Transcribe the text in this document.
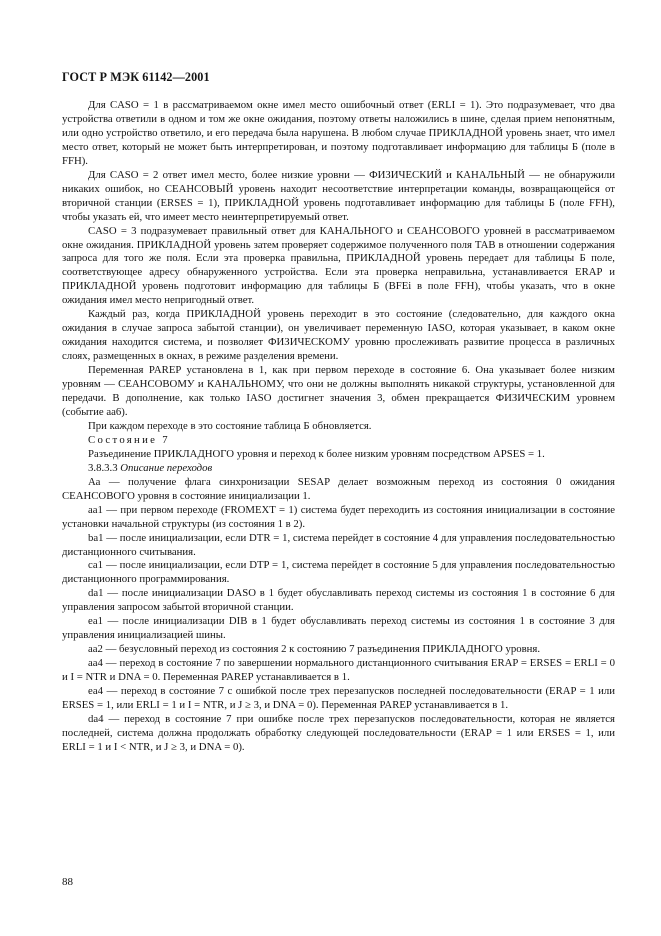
ГОСТ Р МЭК 61142—2001

Для CASO = 1 в рассматриваемом окне имел место ошибочный ответ (ERLI = 1). Это подразумевает, что два устройства ответили в одном и том же окне ожидания, поэтому ответы наложились в шине, сделая прием непонятным, или одно устройство ответило, и его передача была нарушена. В любом случае ПРИКЛАДНОЙ уровень знает, что имел место ответ, который не может быть интерпретирован, и поэтому подготавливает информацию для таблицы Б (поле в FFH).

Для CASO = 2 ответ имел место, более низкие уровни — ФИЗИЧЕСКИЙ и КАНАЛЬНЫЙ — не обнаружили никаких ошибок, но СЕАНСОВЫЙ уровень находит несоответствие интерпретации команды, возвращающейся от вторичной станции (ERSES = 1), ПРИКЛАДНОЙ уровень подготавливает информацию для таблицы Б (поле FFH), чтобы указать ей, что имеет место неинтерпретируемый ответ.

CASO = 3 подразумевает правильный ответ для КАНАЛЬНОГО и СЕАНСОВОГО уровней в рассматриваемом окне ожидания. ПРИКЛАДНОЙ уровень затем проверяет содержимое полученного поля TAB в отношении содержания запроса для того же поля. Если эта проверка правильна, ПРИКЛАДНОЙ уровень передает для таблицы Б поле, соответствующее адресу обнаруженного устройства. Если эта проверка неправильна, устанавливается ERAP и ПРИКЛАДНОЙ уровень подготовит информацию для таблицы Б (BFEi в поле FFH), чтобы указать, что в окне ожидания имел место непригодный ответ.

Каждый раз, когда ПРИКЛАДНОЙ уровень переходит в это состояние (следовательно, для каждого окна ожидания в случае запроса забытой станции), он увеличивает переменную IASO, которая указывает, в каком окне ожидания находится система, и позволяет ФИЗИЧЕСКОМУ уровню прослеживать развитие процесса в различных слоях, размещенных в окнах, в режиме разделения времени.

Переменная PAREP установлена в 1, как при первом переходе в состояние 6. Она указывает более низким уровням — СЕАНСОВОМУ и КАНАЛЬНОМУ, что они не должны выполнять никакой структуры, установленной для передачи. В дополнение, как только IASO достигнет значения 3, обмен прекращается ФИЗИЧЕСКИМ уровнем (событие аа6).

При каждом переходе в это состояние таблица Б обновляется.

Состояние 7

Разъединение ПРИКЛАДНОГО уровня и переход к более низким уровням посредством APSES = 1.

3.8.3.3 Описание переходов

Аа — получение флага синхронизации SESAP делает возможным переход из состояния 0 ожидания СЕАНСОВОГО уровня в состояние инициализации 1.

аа1 — при первом переходе (FROMEXT = 1) система будет переходить из состояния инициализации в состояние установки начальной структуры (из состояния 1 в 2).

bа1 — после инициализации, если DTR = 1, система перейдет в состояние 4 для управления последовательностью дистанционного считывания.

са1 — после инициализации, если DTP = 1, система перейдет в состояние 5 для управления последовательностью дистанционного программирования.

dа1 — после инициализации DASO в 1 будет обуславливать переход системы из состояния 1 в состояние 6 для управления запросом забытой вторичной станции.

еа1 — после инициализации DIB в 1 будет обуславливать переход системы из состояния 1 в состояние 3 для управления инициализацией шины.

аа2 — безусловный переход из состояния 2 к состоянию 7 разъединения ПРИКЛАДНОГО уровня.

аа4 — переход в состояние 7 по завершении нормального дистанционного считывания ERAP = ERSES = ERLI = 0 и I = NTR и DNA = 0. Переменная PAREP устанавливается в 1.

еа4 — переход в состояние 7 с ошибкой после трех перезапусков последней последовательности (ERAP = 1 или ERSES = 1, или ERLI = 1 и I = NTR, и J ≥ 3, и DNA = 0). Переменная PAREP устанавливается в 1.

dа4 — переход в состояние 7 при ошибке после трех перезапусков последовательности, которая не является последней, система должна продолжать обработку следующей последовательности (ERAP = 1 или ERSES = 1, или ERLI = 1 и I < NTR, и J ≥ 3, и DNA = 0).

88
